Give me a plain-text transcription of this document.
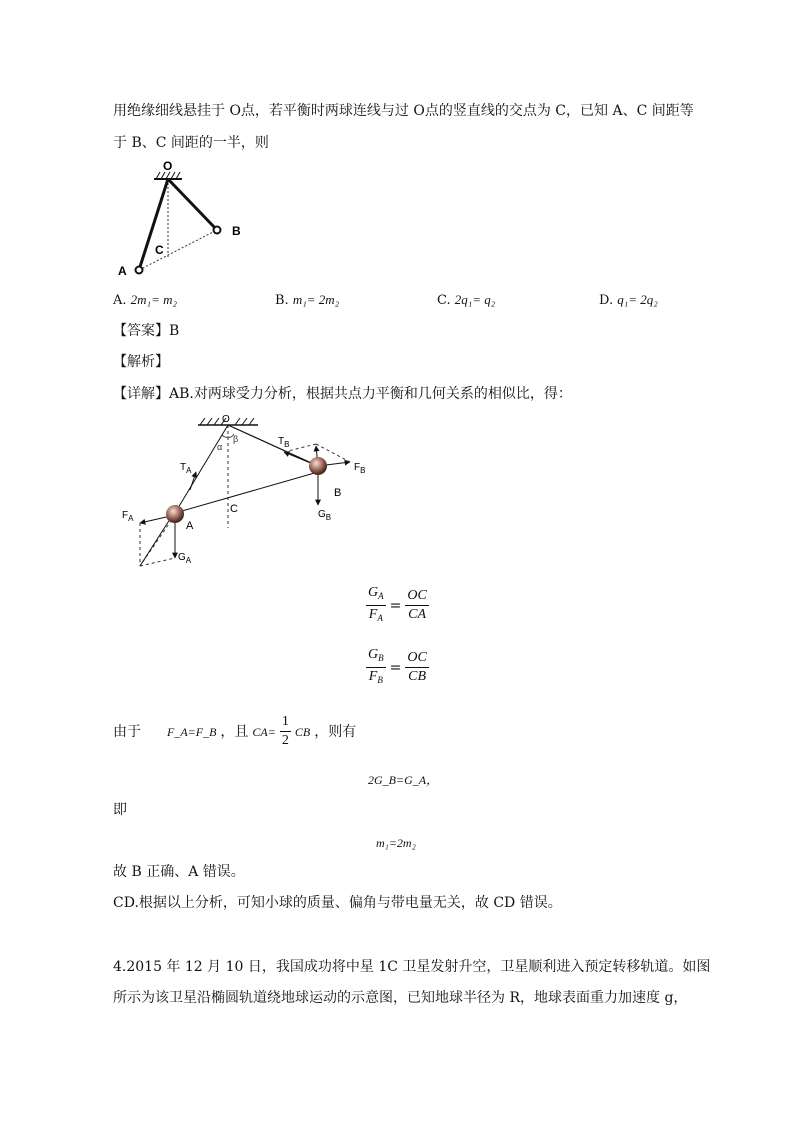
用绝缘细线悬挂于 O点，若平衡时两球连线与过 O点的竖直线的交点为 C，已知 A、C 间距等
于 B、C 间距的一半，则
O
A
B
C
A. 2m₁= m₂	B. m₁= 2m₂	C. 2q₁= q₂	D. q₁= 2q₂
【答案】B
【解析】
【详解】AB.对两球受力分析，根据共点力平衡和几何关系的相似比，得：
O
α
β
$T_A$
$T_B$
$F_A$
$F_B$
$G_A$
$G_B$
A
B
C
$\frac{G_A}{F_A} = \frac{OC}{CA}$
$\frac{G_B}{F_B} = \frac{OC}{CB}$
由于 F_A=F_B ，且 $CA= \frac{1}{2}$ CB ，则有
2G_B=G_A，
即
m₁=2m₂
故 B 正确、A 错误。
CD.根据以上分析，可知小球的质量、偏角与带电量无关，故 CD 错误。
4.2015 年 12 月 10 日，我国成功将中星 1C 卫星发射升空，卫星顺利进入预定转移轨道。如图
所示为该卫星沿椭圆轨道绕地球运动的示意图，已知地球半径为 R，地球表面重力加速度 g，
